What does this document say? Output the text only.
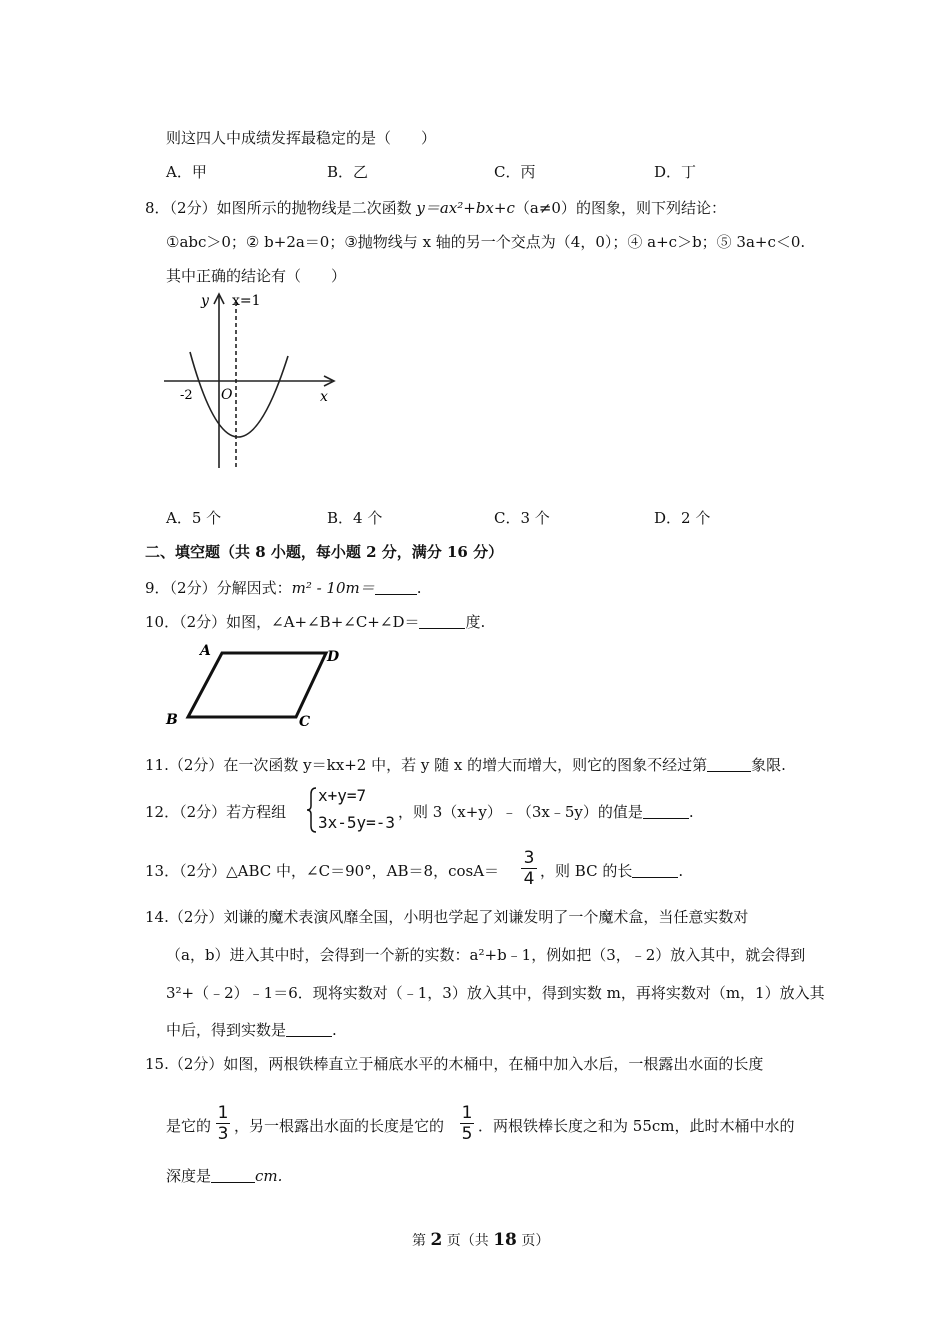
则这四人中成绩发挥最稳定的是（　　）
A．甲	B．乙	C．丙	D．丁
8．（2分）如图所示的抛物线是二次函数 y＝ax²+bx+c（a≠0）的图象，则下列结论：
①abc＞0；② b+2a＝0；③抛物线与 x 轴的另一个交点为（4，0）；④ a+c＞b；⑤ 3a+c＜0.
其中正确的结论有（　　）
y x=1
x
-2 O
A．5 个	B．4 个	C．3 个	D．2 个
二、填空题（共 8 小题，每小题 2 分，满分 16 分）
9．（2分）分解因式：m² - 10m＝	.
10．（2分）如图，∠A+∠B+∠C+∠D＝	度.
A	D
B	C
11.（2分）在一次函数 y＝kx+2 中，若 y 随 x 的增大而增大，则它的图象不经过第	象限.
12．（2分）若方程组
x+y=7
3x-5y=-3
，则 3（x+y）﹣（3x﹣5y）的值是	.
13．（2分）△ABC 中，∠C＝90°，AB＝8，cosA＝
3
4 ，则 BC 的长	.
14.（2分）刘谦的魔术表演风靡全国，小明也学起了刘谦发明了一个魔术盒，当任意实数对
（a，b）进入其中时，会得到一个新的实数：a²+b﹣1，例如把（3，﹣2）放入其中，就会得到
3²+（﹣2）﹣1＝6．现将实数对（﹣1，3）放入其中，得到实数 m，再将实数对（m，1）放入其
中后，得到实数是	.
15.（2分）如图，两根铁棒直立于桶底水平的木桶中，在桶中加入水后，一根露出水面的长度
是它的
1
3 ，另一根露出水面的长度是它的
1
5 ．两根铁棒长度之和为 55cm，此时木桶中水的
深度是	cm.
第 2 页（共 18 页）
